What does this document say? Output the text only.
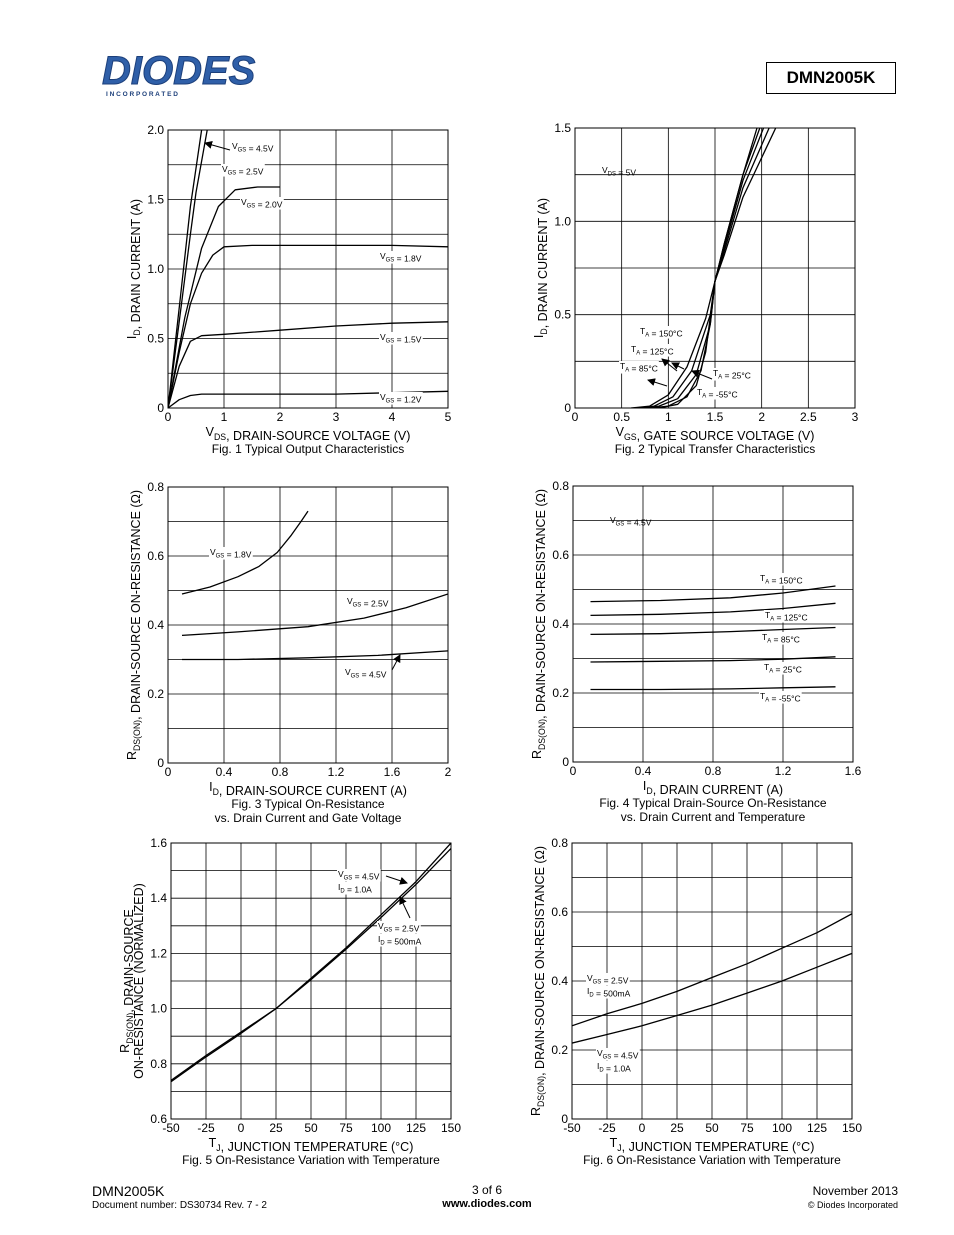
DIODES
I N C O R P O R A T E D
DMN2005K
0	1	2	3	4	5
0
0.5
1.0
1.5
2.0
$V_{GS} = 4.5V$
$V_{GS} = 2.5V$
$V_{GS} = 2.0V$
$V_{GS} = 1.8V$
$V_{GS} = 1.5V$
$V_{GS} = 1.2V$
$V_{DS}$, DRAIN-SOURCE VOLTAGE (V)
Fig. 1 Typical Output Characteristics
$I_D$, DRAIN CURRENT (A)
0	0.5	1	1.5	2	2.5	3
0
0.5
1.0
1.5
$T_A = 150^\circ C$
$T_A = 125^\circ C$
$T_A = 85^\circ C$	$T_A = 25^\circ C$
$T_A = -55^\circ C$
$V_{DS} = 5V$
$V_{GS}$, GATE SOURCE VOLTAGE (V)
Fig. 2 Typical Transfer Characteristics
$I_D$, DRAIN CURRENT (A)
0	0.4	0.8	1.2	1.6	2
0
0.2
0.4
0.6
0.8
$V_{GS} = 1.8V$
$V_{GS} = 2.5V$
$V_{GS} = 4.5V$
$I_D$, DRAIN-SOURCE CURRENT (A)
Fig. 3 Typical On-Resistance
vs. Drain Current and Gate Voltage
$R_{DS(ON)}$, DRAIN-SOURCE ON-RESISTANCE (Ω)
0	0.4	0.8	1.2	1.6
0
0.2
0.4
0.6
0.8
$T_A = 150^\circ C$
$T_A = 125^\circ C$
$T_A = 85^\circ C$
$T_A = 25^\circ C$
$T_A = -55^\circ C$
$V_{GS} = 4.5V$
$I_D$, DRAIN CURRENT (A)
Fig. 4 Typical Drain-Source On-Resistance
vs. Drain Current and Temperature
$R_{DS(ON)}$, DRAIN-SOURCE ON-RESISTANCE (Ω)
-50 -25 0 25 50 75 100 125 150
0.6
0.8
1.0
1.2
1.4
1.6
$V_{GS} = 4.5V$
$I_D = 1.0A$
$V_{GS} = 2.5V$
$I_D = 500mA$
$T_J$, JUNCTION TEMPERATURE (°C)
Fig. 5 On-Resistance Variation with Temperature
$R_{DS(ON)}$, DRAIN-SOURCE
ON-RESISTANCE (NORMALIZED)
-50 -25 0 25 50 75 100 125 150
0
0.2
0.4
0.6
0.8
$V_{GS} = 2.5V$
$I_D = 500mA$
$V_{GS} = 4.5V$
$I_D = 1.0A$
$T_J$, JUNCTION TEMPERATURE (°C)
Fig. 6 On-Resistance Variation with Temperature
$R_{DS(ON)}$, DRAIN-SOURCE ON-RESISTANCE (Ω)
DMN2005K
Document number: DS30734 Rev. 7 - 2
3 of 6
www.diodes.com
November 2013
© Diodes Incorporated
